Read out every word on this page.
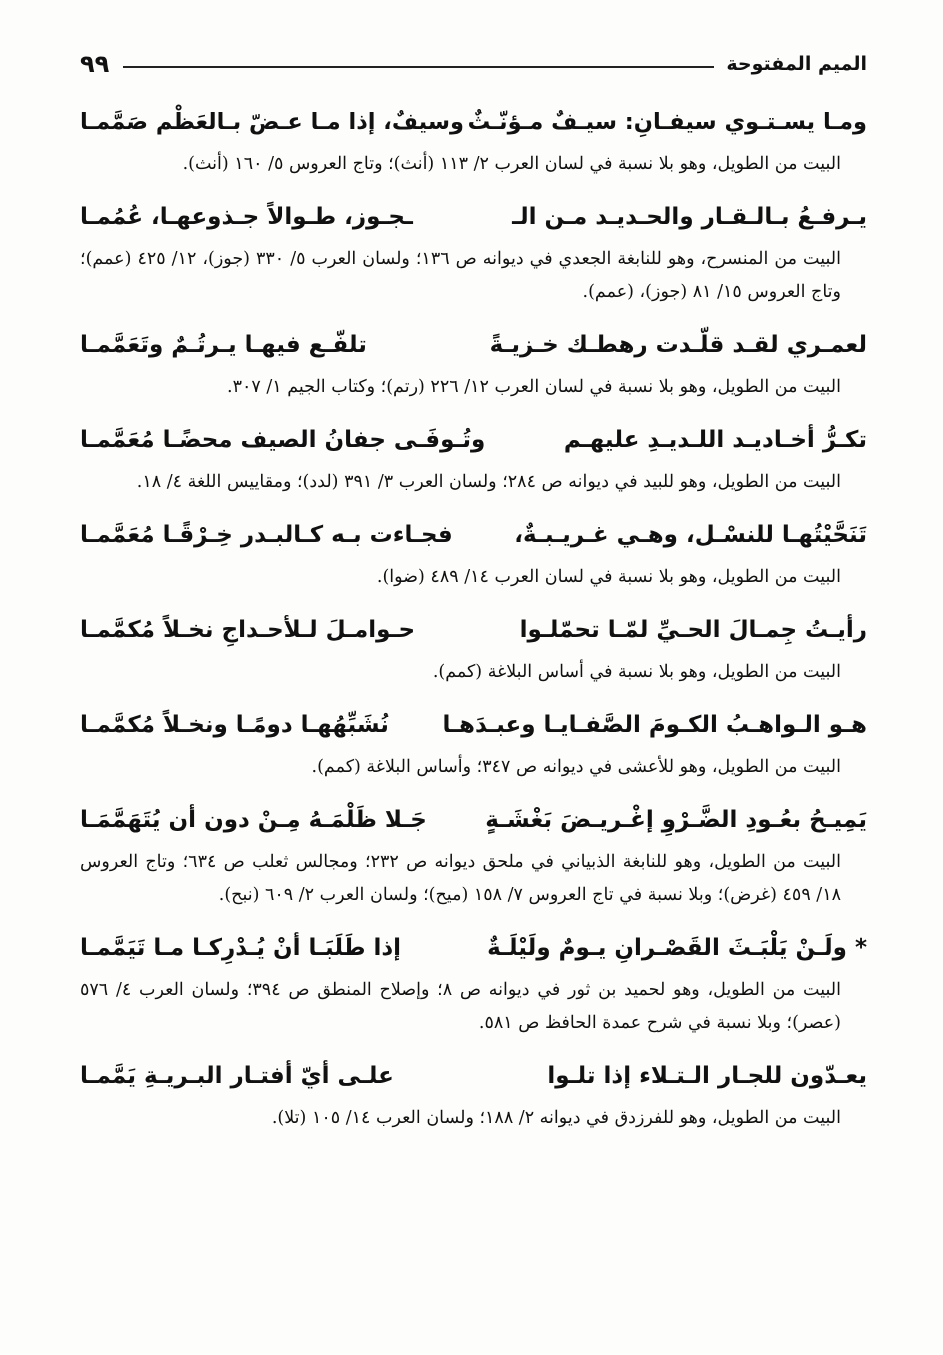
الميم المفتوحة
٩٩
ومـا يسـتـوي سيفـانِ: سيـفٌ مـؤنّـثٌ
وسيفٌ، إذا مـا عـضّ بـالعَظْم صَمَّمـا

البيت من الطويل، وهو بلا نسبة في لسان العرب ٢/ ١١٣ (أنث)؛ وتاج العروس ٥/ ١٦٠ (أنث).

يـرفـعُ بـالـقـار والحـديـد مـن الـ
ـجـوز، طـوالاً جـذوعهـا، عُمُمـا

البيت من المنسرح، وهو للنابغة الجعدي في ديوانه ص ١٣٦؛ ولسان العرب ٥/ ٣٣٠ (جوز)، ١٢/ ٤٢٥ (عمم)؛ وتاج العروس ١٥/ ٨١ (جوز)، (عمم).

لعمـري لقـد قلّـدت رهطـك خـزيـةً
تلفّـع فيهـا يـرتُـمٌ وتَعَمَّمـا

البيت من الطويل، وهو بلا نسبة في لسان العرب ١٢/ ٢٢٦ (رتم)؛ وكتاب الجيم ١/ ٣٠٧.

تكـرُّ أخـاديـد اللـديـدِ عليهـم
وتُـوفَـى جفانُ الصيف محضًـا مُعَمَّمـا

البيت من الطويل، وهو للبيد في ديوانه ص ٢٨٤؛ ولسان العرب ٣/ ٣٩١ (لدد)؛ ومقاييس اللغة ٤/ ١٨.

تَنَحَّيْتُهـا للنسْـل، وهـي غـريـبـةٌ،
فجـاءت بـه كـالبـدر خِـرْقًـا مُعَمَّمـا

البيت من الطويل، وهو بلا نسبة في لسان العرب ١٤/ ٤٨٩ (ضوا).

رأيـتُ جِمـالَ الحـيِّ لمّـا تحمّلـوا
حـوامـلَ لـلأحـداجِ نخـلاً مُكمَّمـا

البيت من الطويل، وهو بلا نسبة في أساس البلاغة (كمم).

هـو الـواهـبُ الكـومَ الصَّفـايـا وعبـدَهـا
نُشَبِّهُهـا دومًـا ونخـلاً مُكمَّمـا

البيت من الطويل، وهو للأعشى في ديوانه ص ٣٤٧؛ وأساس البلاغة (كمم).

يَمِيـحُ بعُـودِ الضَّـرْوِ إغْـريـضَ بَغْشَـةٍ
جَـلا ظَلْمَـهُ مِـنْ دون أن يُتَهَمَّمَـا

البيت من الطويل، وهو للنابغة الذبياني في ملحق ديوانه ص ٢٣٢؛ ومجالس ثعلب ص ٦٣٤؛ وتاج العروس ١٨/ ٤٥٩ (غرض)؛ وبلا نسبة في تاج العروس ٧/ ١٥٨ (ميح)؛ ولسان العرب ٢/ ٦٠٩ (نبح).

* ولَـنْ يَلْبَـثَ القَصْـرانِ يـومٌ ولَيْلَـةٌ
إذا طَلَبَـا أنْ يُـدْرِكـا مـا تَيَمَّمـا

البيت من الطويل، وهو لحميد بن ثور في ديوانه ص ٨؛ وإصلاح المنطق ص ٣٩٤؛ ولسان العرب ٤/ ٥٧٦ (عصر)؛ وبلا نسبة في شرح عمدة الحافظ ص ٥٨١.

يعـدّون للجـار الـتـلاء إذا تلـوا
علـى أيّ أفتـار البـريـةِ يَمَّمـا

البيت من الطويل، وهو للفرزدق في ديوانه ٢/ ١٨٨؛ ولسان العرب ١٤/ ١٠٥ (تلا).
